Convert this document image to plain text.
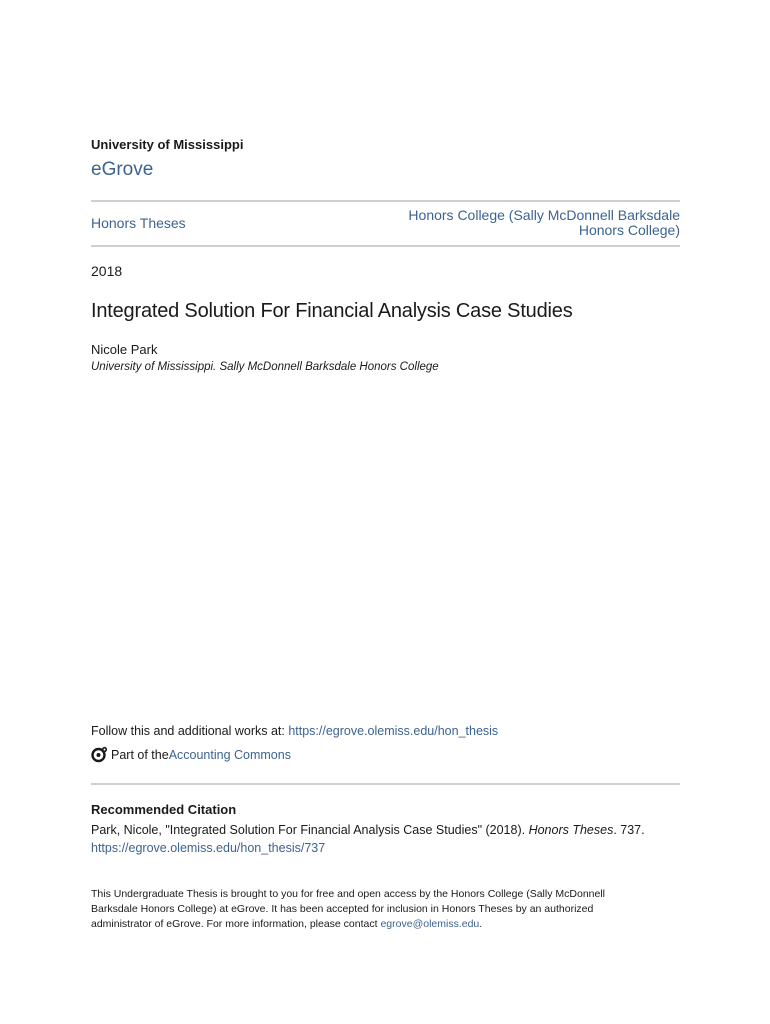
University of Mississippi
eGrove
Honors Theses	Honors College (Sally McDonnell Barksdale Honors College)
2018
Integrated Solution For Financial Analysis Case Studies
Nicole Park
University of Mississippi. Sally McDonnell Barksdale Honors College
Follow this and additional works at: https://egrove.olemiss.edu/hon_thesis
Part of the Accounting Commons
Recommended Citation
Park, Nicole, "Integrated Solution For Financial Analysis Case Studies" (2018). Honors Theses. 737.
https://egrove.olemiss.edu/hon_thesis/737
This Undergraduate Thesis is brought to you for free and open access by the Honors College (Sally McDonnell Barksdale Honors College) at eGrove. It has been accepted for inclusion in Honors Theses by an authorized administrator of eGrove. For more information, please contact egrove@olemiss.edu.
